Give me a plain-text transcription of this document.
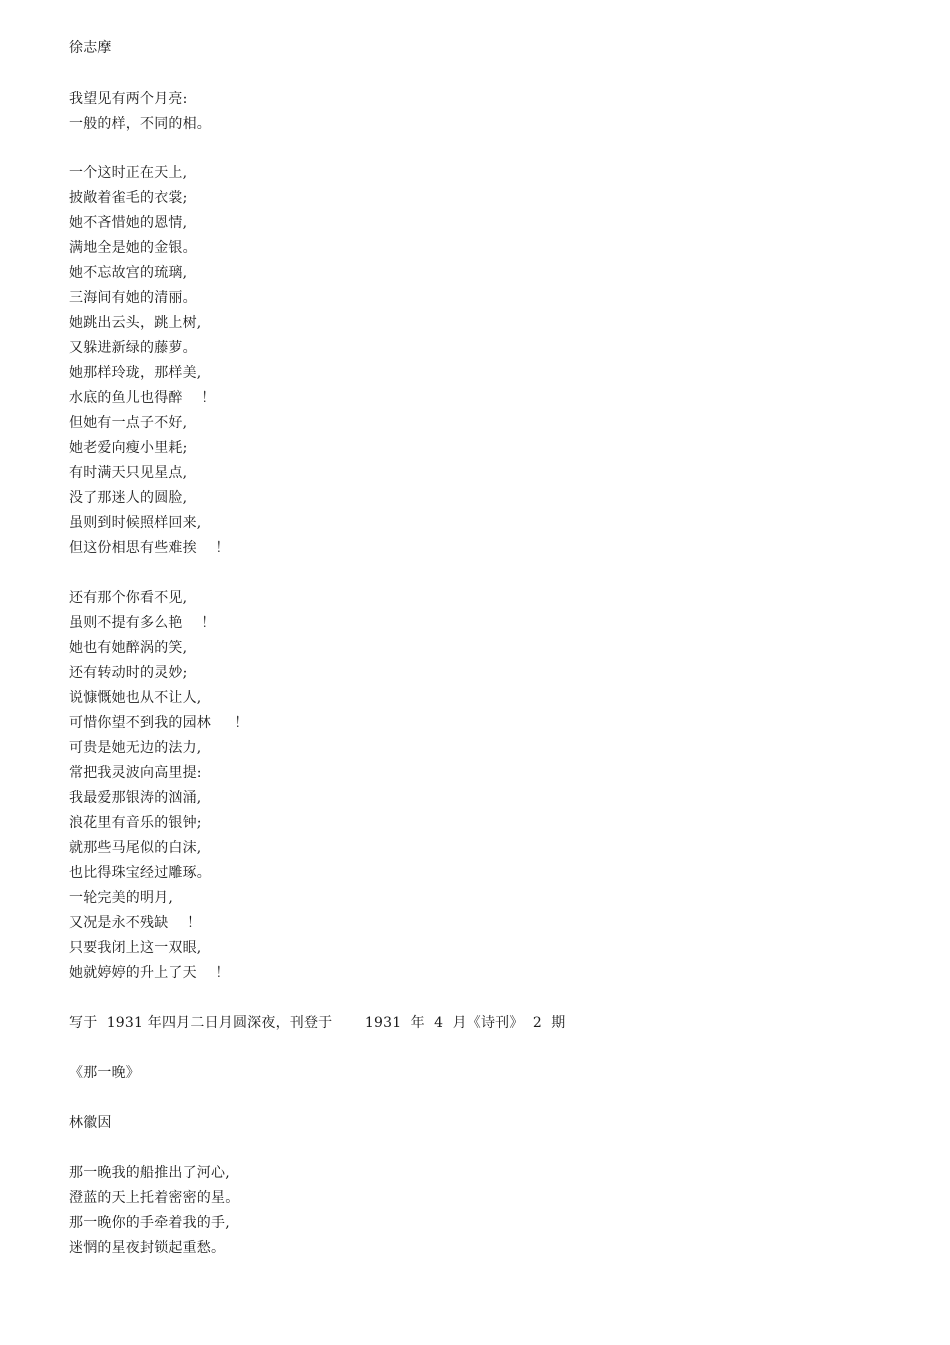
徐志摩
我望见有两个月亮:
一般的样，不同的相。
一个这时正在天上,
披敞着雀毛的衣裳;
她不吝惜她的恩情,
满地全是她的金银。
她不忘故宫的琉璃,
三海间有她的清丽。
她跳出云头，跳上树,
又躲进新绿的藤萝。
她那样玲珑，那样美,
水底的鱼儿也得醉    ！
但她有一点子不好,
她老爱向瘦小里耗;
有时满天只见星点,
没了那迷人的圆脸,
虽则到时候照样回来,
但这份相思有些难挨    ！
还有那个你看不见,
虽则不提有多么艳    ！
她也有她醉涡的笑,
还有转动时的灵妙;
说慷慨她也从不让人,
可惜你望不到我的园林     ！
可贵是她无边的法力,
常把我灵波向高里提:
我最爱那银涛的汹涌,
浪花里有音乐的银钟;
就那些马尾似的白沫,
也比得珠宝经过雕琢。
一轮完美的明月,
又况是永不残缺    ！
只要我闭上这一双眼,
她就婷婷的升上了天    ！
写于  1931 年四月二日月圆深夜，刊登于       1931  年  4  月《诗刊》  2  期
《那一晚》
林徽因
那一晚我的船推出了河心,
澄蓝的天上托着密密的星。
那一晚你的手牵着我的手,
迷惘的星夜封锁起重愁。
